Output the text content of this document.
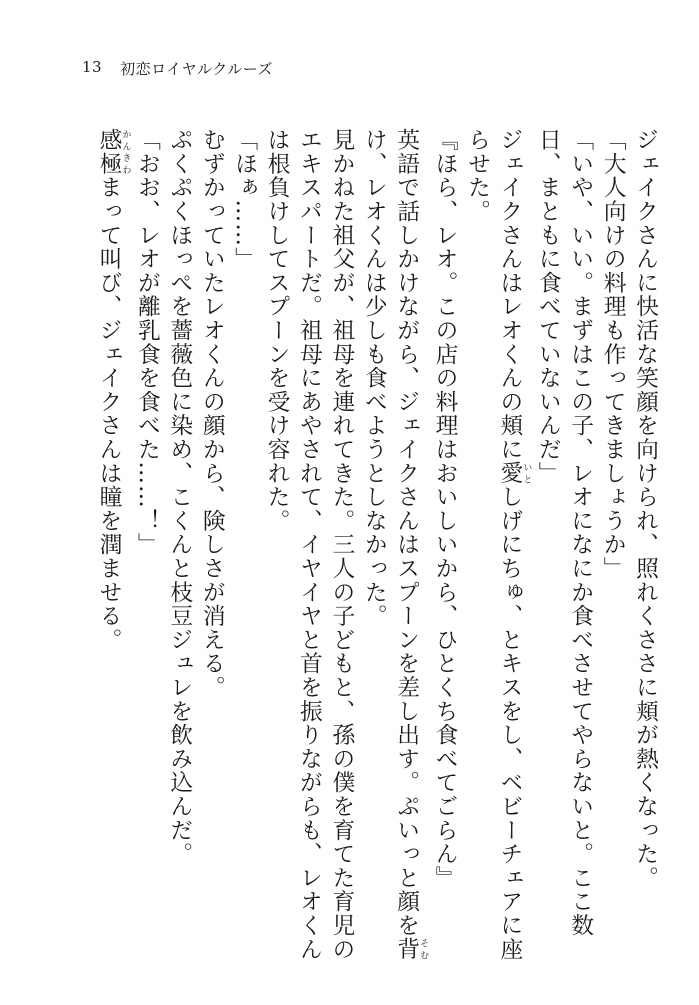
13 初恋ロイヤルクルーズ

ジェイクさんに快活な笑顔を向けられ、照れくささに頬が熱くなった。

「大人向けの料理も作ってきましょうか」

「いや、いい。まずはこの子、レオになにか食べさせてやらないと。ここ数日、まともに食べていないんだ」

ジェイクさんはレオくんの頬に愛 いとしげにちゅ、とキスをし、ベビーチェアに座らせた。

『ほら、レオ。この店の料理はおいしいから、ひとくち食べてごらん』

英語で話しかけながら、ジェイクさんはスプーンを差し出す。ぷいっと顔を背 そむけ、レオくんは少しも食べようとしなかった。

見かねた祖父が、祖母を連れてきた。三人の子どもと、孫の僕を育てた育児のエキスパートだ。祖母にあやされて、イヤイヤと首を振りながらも、レオくんは根負けしてスプーンを受け容れた。

「ほぁ……」

むずかっていたレオくんの顔から、険しさが消える。

ぷくぷくほっぺを薔薇色に染め、こくんと枝豆ジュレを飲み込んだ。

「おお、レオが離乳食を食べた……！」

感極 かんきわまって叫び、ジェイクさんは瞳を潤ませる。
